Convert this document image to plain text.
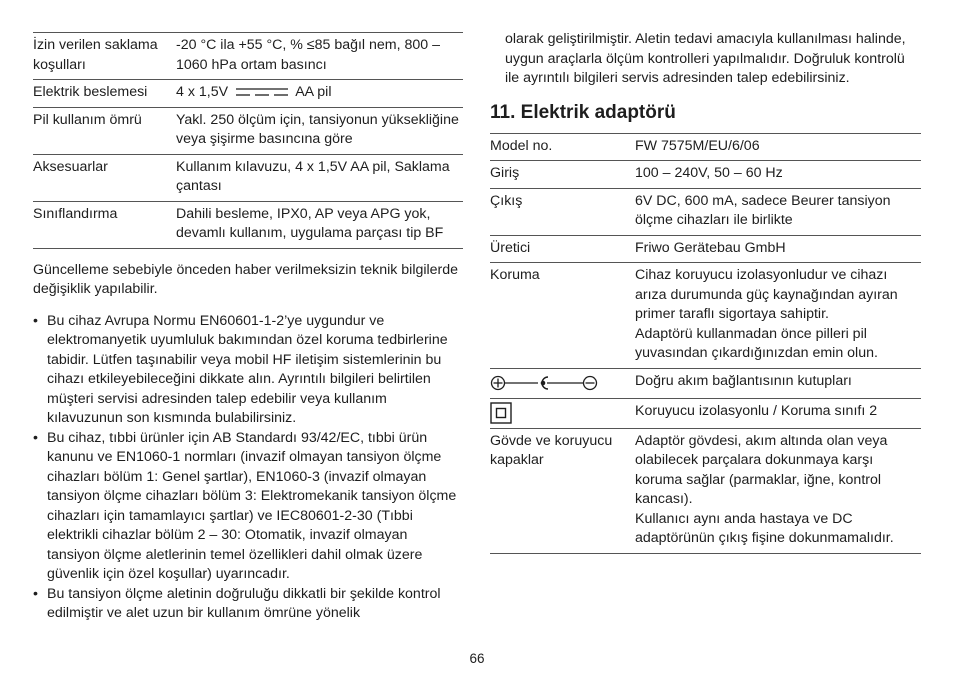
İzin verilen saklama koşulları	-20 °C ila +55 °C, % ≤85 bağıl nem, 800 – 1060 hPa ortam basıncı
Elektrik beslemesi	4 x 1,5V AA pil
Pil kullanım ömrü	Yakl. 250 ölçüm için, tansiyonun yüksekliğine veya şişirme basıncına göre
Aksesuarlar	Kullanım kılavuzu, 4 x 1,5V AA pil, Saklama çantası
Sınıflandırma	Dahili besleme, IPX0, AP veya APG yok, devamlı kullanım, uygulama parçası tip BF

Güncelleme sebebiyle önceden haber verilmeksizin teknik bilgilerde değişiklik yapılabilir.

• Bu cihaz Avrupa Normu EN60601-1-2’ye uygundur ve elektromanyetik uyumluluk bakımından özel koruma tedbirlerine tabidir. Lütfen taşınabilir veya mobil HF iletişim sistemlerinin bu cihazı etkileyebileceğini dikkate alın. Ayrıntılı bilgileri belirtilen müşteri servisi adresinden talep edebilir veya kullanım kılavuzunun son kısmında bulabilirsiniz.
• Bu cihaz, tıbbi ürünler için AB Standardı 93/42/EC, tıbbi ürün kanunu ve EN1060-1 normları (invazif olmayan tansiyon ölçme cihazları bölüm 1: Genel şartlar), EN1060-3 (invazif olmayan tansiyon ölçme cihazları bölüm 3: Elektromekanik tansiyon ölçme cihazları için tamamlayıcı şartlar) ve IEC80601-2-30 (Tıbbi elektrikli cihazlar bölüm 2 – 30: Otomatik, invazif olmayan tansiyon ölçme aletlerinin temel özellikleri dahil olmak üzere güvenlik için özel koşullar) uyarıncadır.
• Bu tansiyon ölçme aletinin doğruluğu dikkatli bir şekilde kontrol edilmiştir ve alet uzun bir kullanım ömrüne yönelik

olarak geliştirilmiştir. Aletin tedavi amacıyla kullanılması halinde, uygun araçlarla ölçüm kontrolleri yapılmalıdır. Doğruluk kontrolü ile ayrıntılı bilgileri servis adresinden talep edebilirsiniz.

11. Elektrik adaptörü
Model no.	FW 7575M/EU/6/06
Giriş	100 – 240V, 50 – 60 Hz
Çıkış	6V DC, 600 mA, sadece Beurer tansiyon ölçme cihazları ile birlikte
Üretici	Friwo Gerätebau GmbH
Koruma	Cihaz koruyucu izolasyonludur ve cihazı arıza durumunda güç kaynağından ayıran primer taraflı sigortaya sahiptir.
Adaptörü kullanmadan önce pilleri pil yuvasından çıkardığınızdan emin olun.

	Doğru akım bağlantısının kutupları

	Koruyucu izolasyonlu / Koruma sınıfı 2
Gövde ve koruyucu kapaklar	Adaptör gövdesi, akım altında olan veya olabilecek parçalara dokunmaya karşı koruma sağlar (parmaklar, iğne, kontrol kancası).
Kullanıcı aynı anda hastaya ve DC adaptörünün çıkış fişine dokunmamalıdır.
66
